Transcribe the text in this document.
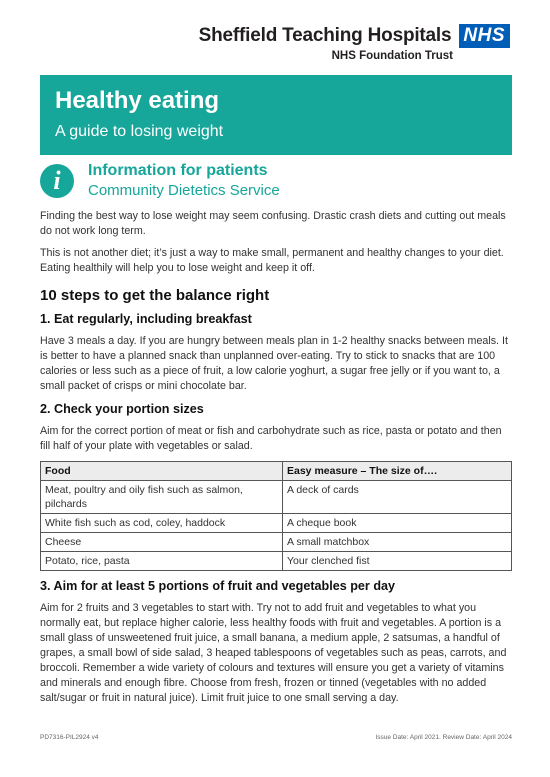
Sheffield Teaching Hospitals NHS
NHS Foundation Trust
Healthy eating
A guide to losing weight
i	Information for patients
Community Dietetics Service

Finding the best way to lose weight may seem confusing. Drastic crash diets and cutting out meals do not work long term.

This is not another diet; it’s just a way to make small, permanent and healthy changes to your diet. Eating healthily will help you to lose weight and keep it off.

10 steps to get the balance right
1. Eat regularly, including breakfast

Have 3 meals a day. If you are hungry between meals plan in 1-2 healthy snacks between meals. It is better to have a planned snack than unplanned over-eating. Try to stick to snacks that are 100 calories or less such as a piece of fruit, a low calorie yoghurt, a sugar free jelly or if you want to, a small packet of crisps or mini chocolate bar.

2. Check your portion sizes

Aim for the correct portion of meat or fish and carbohydrate such as rice, pasta or potato and then fill half of your plate with vegetables or salad.

Food	Easy measure – The size of….
Meat, poultry and oily fish such as salmon, pilchards	A deck of cards
White fish such as cod, coley, haddock	A cheque book
Cheese	A small matchbox
Potato, rice, pasta	Your clenched fist
3. Aim for at least 5 portions of fruit and vegetables per day

Aim for 2 fruits and 3 vegetables to start with. Try not to add fruit and vegetables to what you normally eat, but replace higher calorie, less healthy foods with fruit and vegetables. A portion is a small glass of unsweetened fruit juice, a small banana, a medium apple, 2 satsumas, a handful of grapes, a small bowl of side salad, 3 heaped tablespoons of vegetables such as peas, carrots, and broccoli. Remember a wide variety of colours and textures will ensure you get a variety of vitamins and minerals and enough fibre. Choose from fresh, frozen or tinned (vegetables with no added salt/sugar or fruit in natural juice). Limit fruit juice to one small serving a day.

PD7316-PIL2924 v4	Issue Date: April 2021. Review Date: April 2024
